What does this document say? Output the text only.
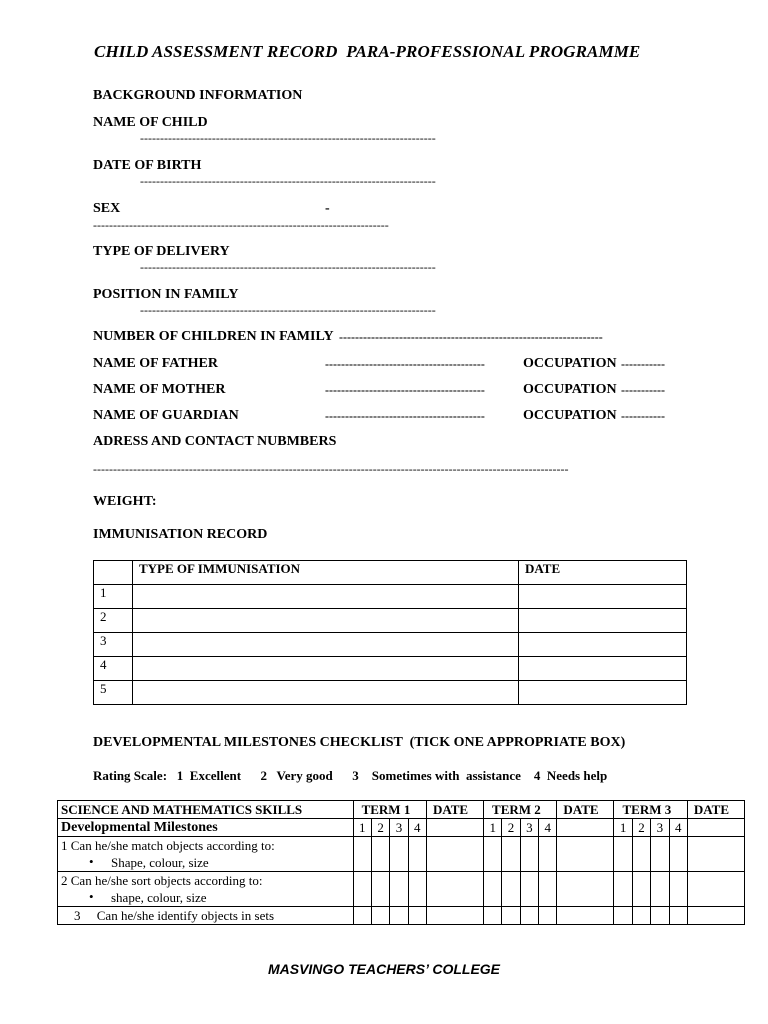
CHILD ASSESSMENT RECORD  PARA-PROFESSIONAL PROGRAMME
BACKGROUND INFORMATION
NAME OF CHILD
--------------------------------------------------------------------------
DATE OF BIRTH
--------------------------------------------------------------------------
SEX	-
--------------------------------------------------------------------------
TYPE OF DELIVERY
--------------------------------------------------------------------------
POSITION IN FAMILY
--------------------------------------------------------------------------
NUMBER OF CHILDREN IN FAMILY ------------------------------------------------------------------
NAME OF FATHER	----------------------------------------	OCCUPATION -----------
NAME OF MOTHER	----------------------------------------	OCCUPATION -----------
NAME OF GUARDIAN	----------------------------------------	OCCUPATION -----------
ADRESS AND CONTACT NUBMBERS
-----------------------------------------------------------------------------------------------------------------------
WEIGHT:
IMMUNISATION RECORD
	TYPE OF IMMUNISATION	DATE
1		
2		
3		
4		
5		
DEVELOPMENTAL MILESTONES CHECKLIST  (TICK ONE APPROPRIATE BOX)
Rating Scale:   1  Excellent      2   Very good      3    Sometimes with  assistance    4  Needs help
SCIENCE AND MATHEMATICS SKILLS	TERM 1				DATE	TERM 2				DATE	TERM 3				DATE
Developmental Milestones	1	2	3	4		1	2	3	4		1	2	3	4	

1 Can he/she match objects according to:
• Shape, colour, size

2 Can he/she sort objects according to:
• shape, colour, size

3     Can he/she identify objects in sets															
MASVINGO TEACHERS’ COLLEGE
